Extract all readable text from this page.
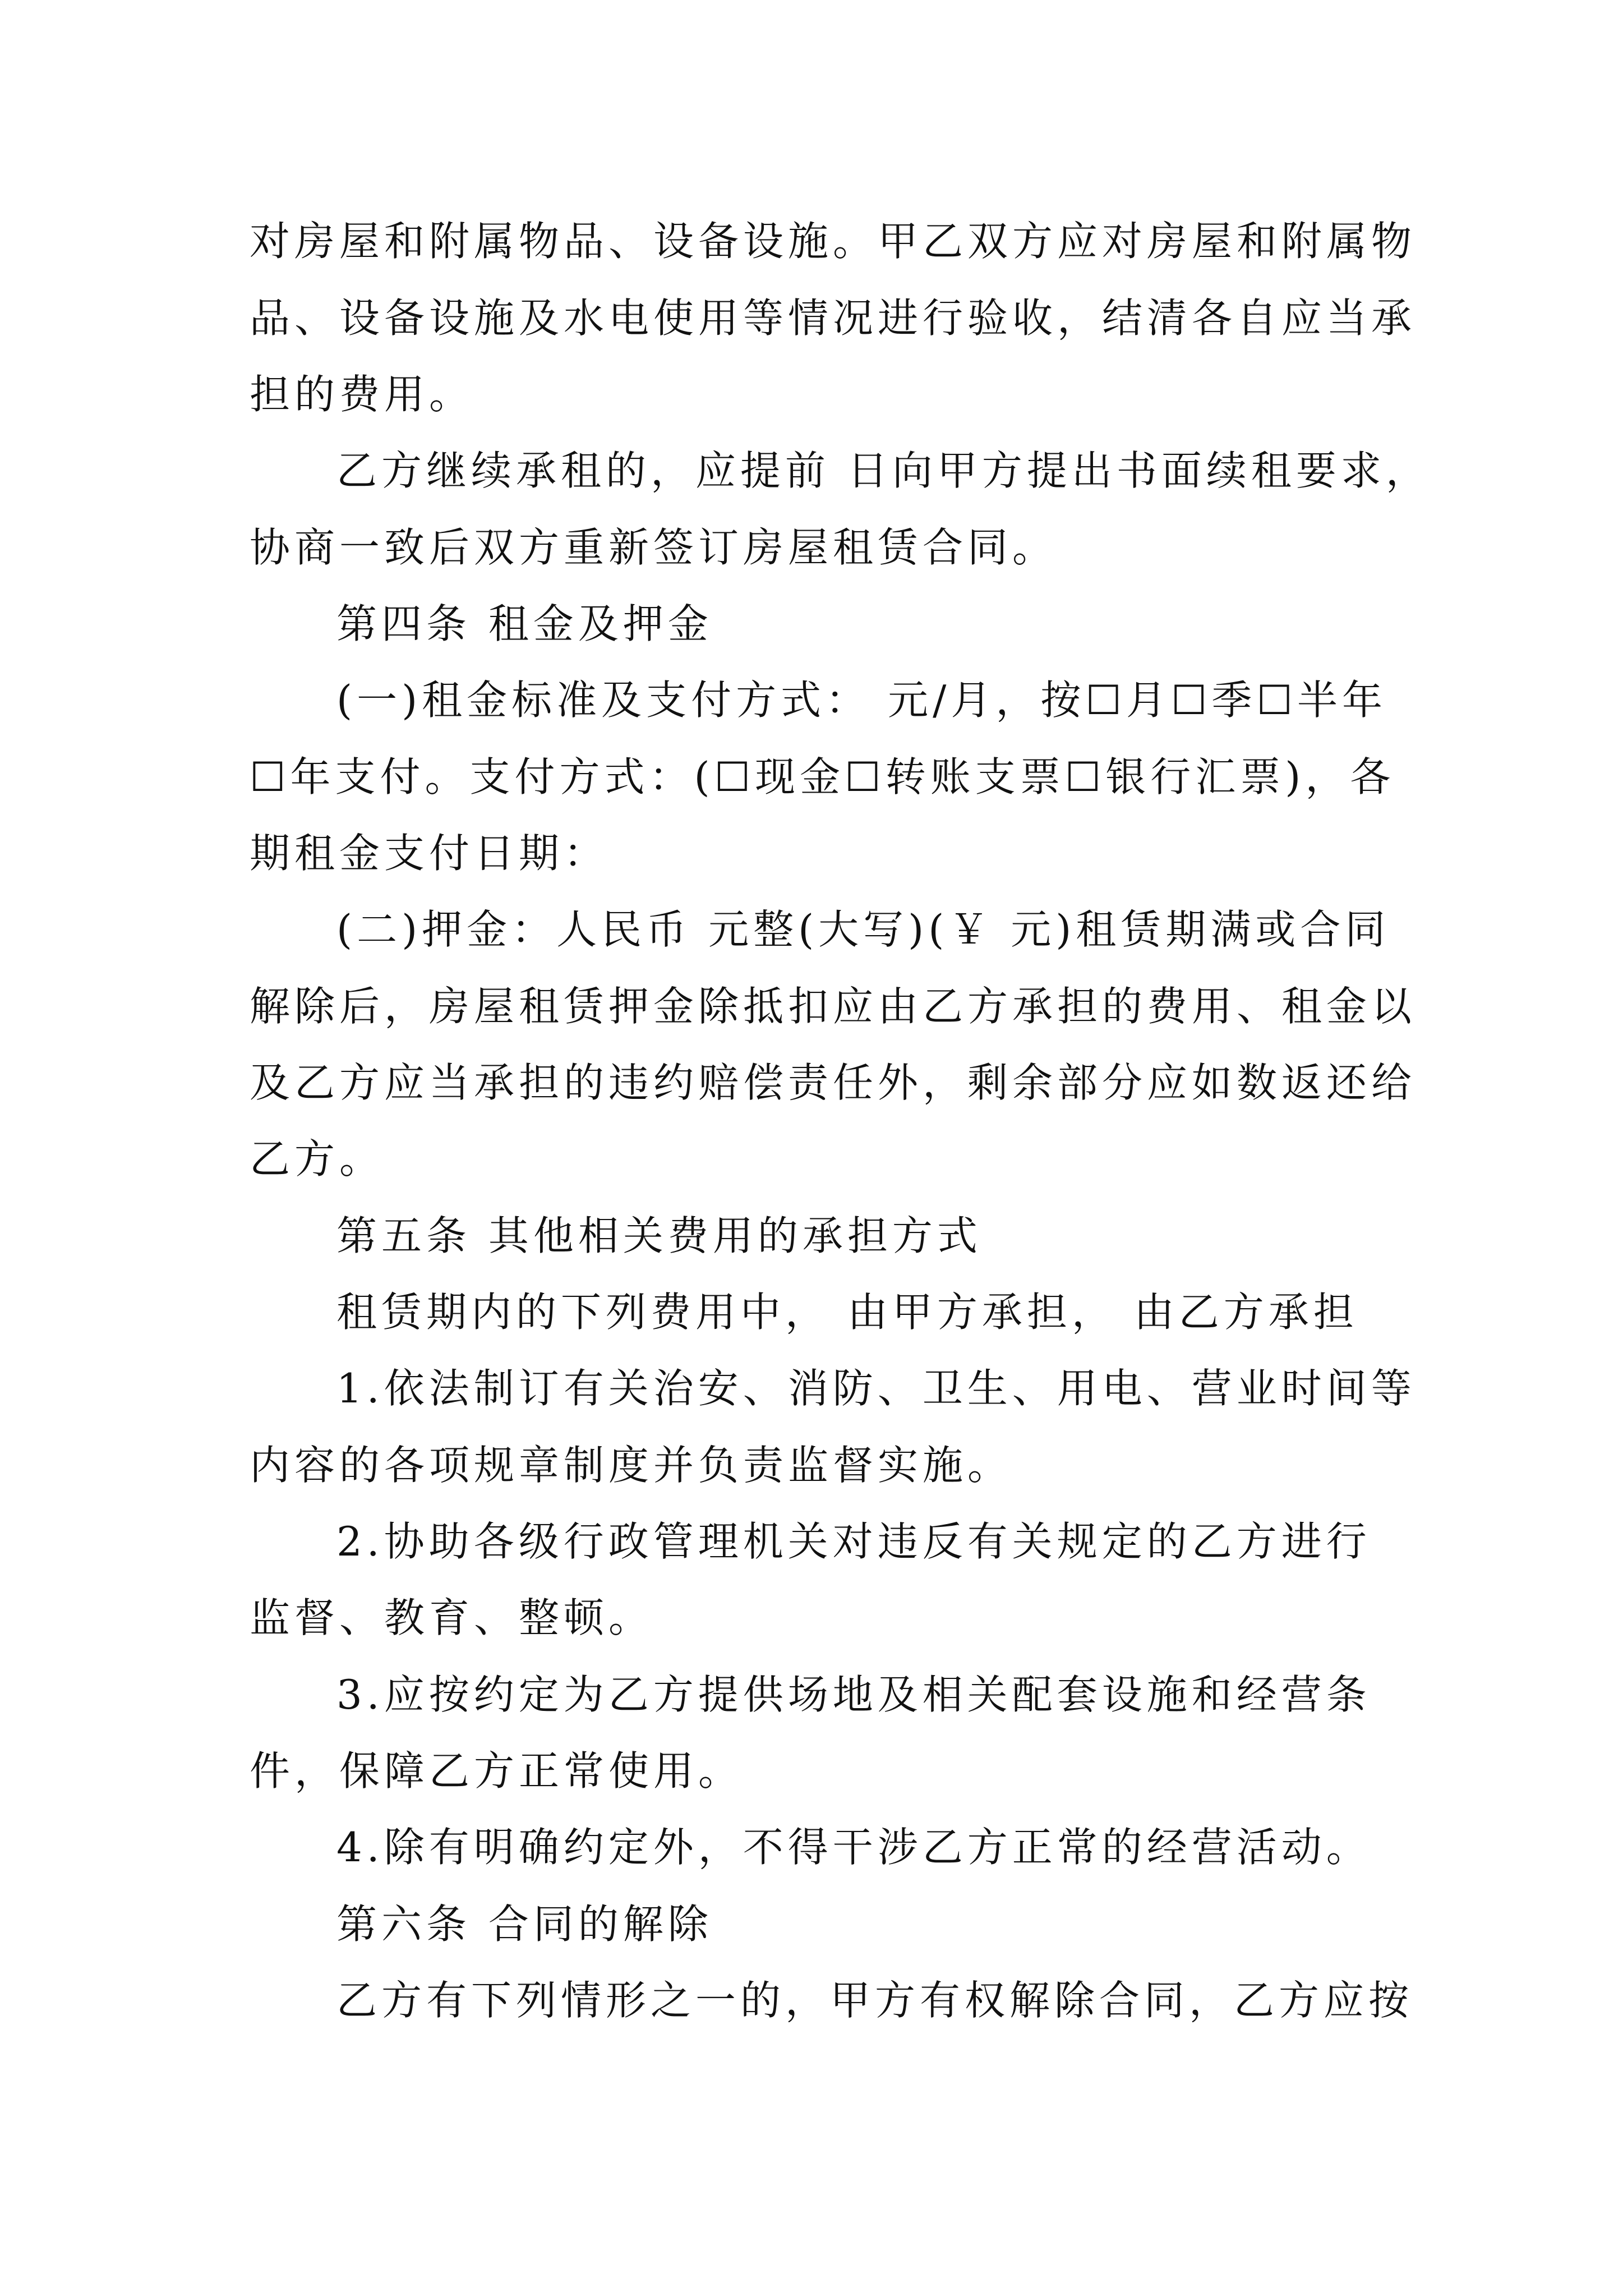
对房屋和附属物品、设备设施。甲乙双方应对房屋和附属物
品、设备设施及水电使用等情况进行验收，结清各自应当承
担的费用。
乙方继续承租的，应提前 日向甲方提出书面续租要求，
协商一致后双方重新签订房屋租赁合同。
第四条 租金及押金
(一)租金标准及支付方式： 元/月，按☐月☐季☐半年
☐年支付。支付方式：(☐现金☐转账支票☐银行汇票)，各
期租金支付日期：
(二)押金：人民币 元整(大写)(￥ 元)租赁期满或合同
解除后，房屋租赁押金除抵扣应由乙方承担的费用、租金以
及乙方应当承担的违约赔偿责任外，剩余部分应如数返还给
乙方。
第五条 其他相关费用的承担方式
租赁期内的下列费用中， 由甲方承担， 由乙方承担
1.依法制订有关治安、消防、卫生、用电、营业时间等
内容的各项规章制度并负责监督实施。
2.协助各级行政管理机关对违反有关规定的乙方进行
监督、教育、整顿。
3.应按约定为乙方提供场地及相关配套设施和经营条
件，保障乙方正常使用。
4.除有明确约定外，不得干涉乙方正常的经营活动。
第六条 合同的解除
乙方有下列情形之一的，甲方有权解除合同，乙方应按
